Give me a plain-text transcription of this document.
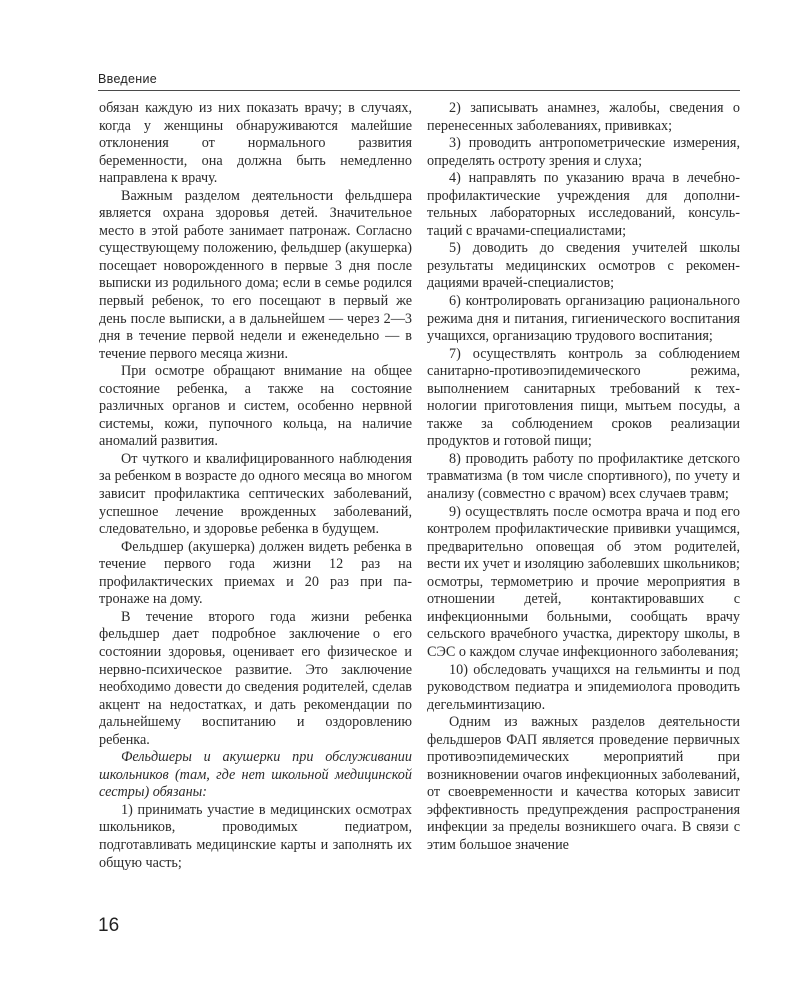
Введение

обязан каждую из них показать врачу; в случаях, когда у женщины обнаруживаются малейшие отклонения от нормального развития беременности, она должна быть немедленно направлена к врачу.

Важным разделом деятельности фельдшера является охрана здоровья детей. Значительное место в этой работе занимает патронаж. Согласно существующему положению, фельдшер (акушерка) посещает новорожденного в первые 3 дня после выписки из родильного дома; если в семье родился первый ребенок, то его посещают в первый же день после выписки, а в дальнейшем — через 2—3 дня в течение первой недели и еженедельно — в течение первого месяца жизни.

При осмотре обращают внимание на общее состояние ребенка, а также на состояние различных органов и систем, особенно нервной системы, кожи, пупочного кольца, на наличие аномалий развития.

От чуткого и квалифицированного наблюдения за ребенком в возрасте до одного месяца во многом зависит профилактика септических заболеваний, успешное лечение врожденных заболеваний, следовательно, и здоровье ребенка в будущем.

Фельдшер (акушерка) должен видеть ребенка в течение первого года жизни 12 раз на профилактических приемах и 20 раз при патронаже на дому.

В течение второго года жизни ребенка фельдшер дает подробное заключение о его состоянии здоровья, оценивает его физическое и нервно-психическое развитие. Это заключение необходимо довести до сведения родителей, сделав акцент на недостатках, и дать рекомендации по дальнейшему воспитанию и оздоровлению ребенка.

Фельдшеры и акушерки при обслуживании школьников (там, где нет школьной медицинской сестры) обязаны:

1) принимать участие в медицинских осмотрах школьников, проводимых педиатром, подготавливать медицинские карты и заполнять их общую часть;

2) записывать анамнез, жалобы, сведения о перенесенных заболеваниях, прививках;

3) проводить антропометрические измерения, определять остроту зрения и слуха;

4) направлять по указанию врача в лечебно-профилактические учреждения для дополнительных лабораторных исследований, консультаций с врачами-специалистами;

5) доводить до сведения учителей школы результаты медицинских осмотров с рекомендациями врачей-специалистов;

6) контролировать организацию рационального режима дня и питания, гигиенического воспитания учащихся, организацию трудового воспитания;

7) осуществлять контроль за соблюдением санитарно-противоэпидемического режима, выполнением санитарных требований к технологии приготовления пищи, мытьем посуды, а также за соблюдением сроков реализации продуктов и готовой пищи;

8) проводить работу по профилактике детского травматизма (в том числе спортивного), по учету и анализу (совместно с врачом) всех случаев травм;

9) осуществлять после осмотра врача и под его контролем профилактические прививки учащимся, предварительно оповещая об этом родителей, вести их учет и изоляцию заболевших школьников; осмотры, термометрию и прочие мероприятия в отношении детей, контактировавших с инфекционными больными, сообщать врачу сельского врачебного участка, директору школы, в СЭС о каждом случае инфекционного заболевания;

10) обследовать учащихся на гельминты и под руководством педиатра и эпидемиолога проводить дегельминтизацию.

Одним из важных разделов деятельности фельдшеров ФАП является проведение первичных противоэпидемических мероприятий при возникновении очагов инфекционных заболеваний, от своевременности и качества которых зависит эффективность предупреждения распространения инфекции за пределы возникшего очага. В связи с этим большое значение

16
